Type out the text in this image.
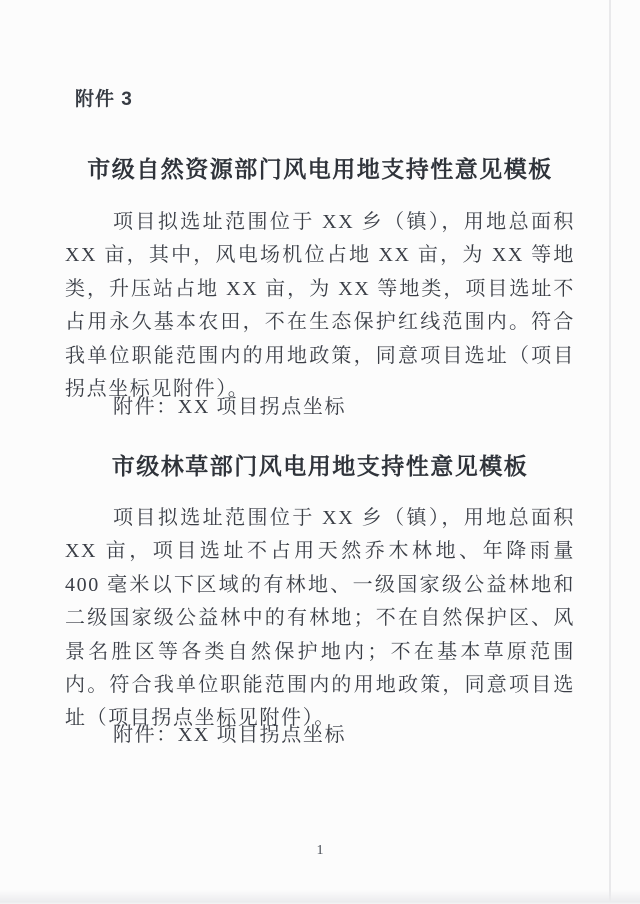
附件 3
市级自然资源部门风电用地支持性意见模板
项目拟选址范围位于 XX 乡（镇），用地总面积 XX 亩，其中，风电场机位占地 XX 亩，为 XX 等地类，升压站占地 XX 亩，为 XX 等地类，项目选址不占用永久基本农田，不在生态保护红线范围内。符合我单位职能范围内的用地政策，同意项目选址（项目拐点坐标见附件）。
附件：XX 项目拐点坐标
市级林草部门风电用地支持性意见模板
项目拟选址范围位于 XX 乡（镇），用地总面积 XX 亩，项目选址不占用天然乔木林地、年降雨量 400 毫米以下区域的有林地、一级国家级公益林地和二级国家级公益林中的有林地；不在自然保护区、风景名胜区等各类自然保护地内；不在基本草原范围内。符合我单位职能范围内的用地政策，同意项目选址（项目拐点坐标见附件）。
附件：XX 项目拐点坐标
1
